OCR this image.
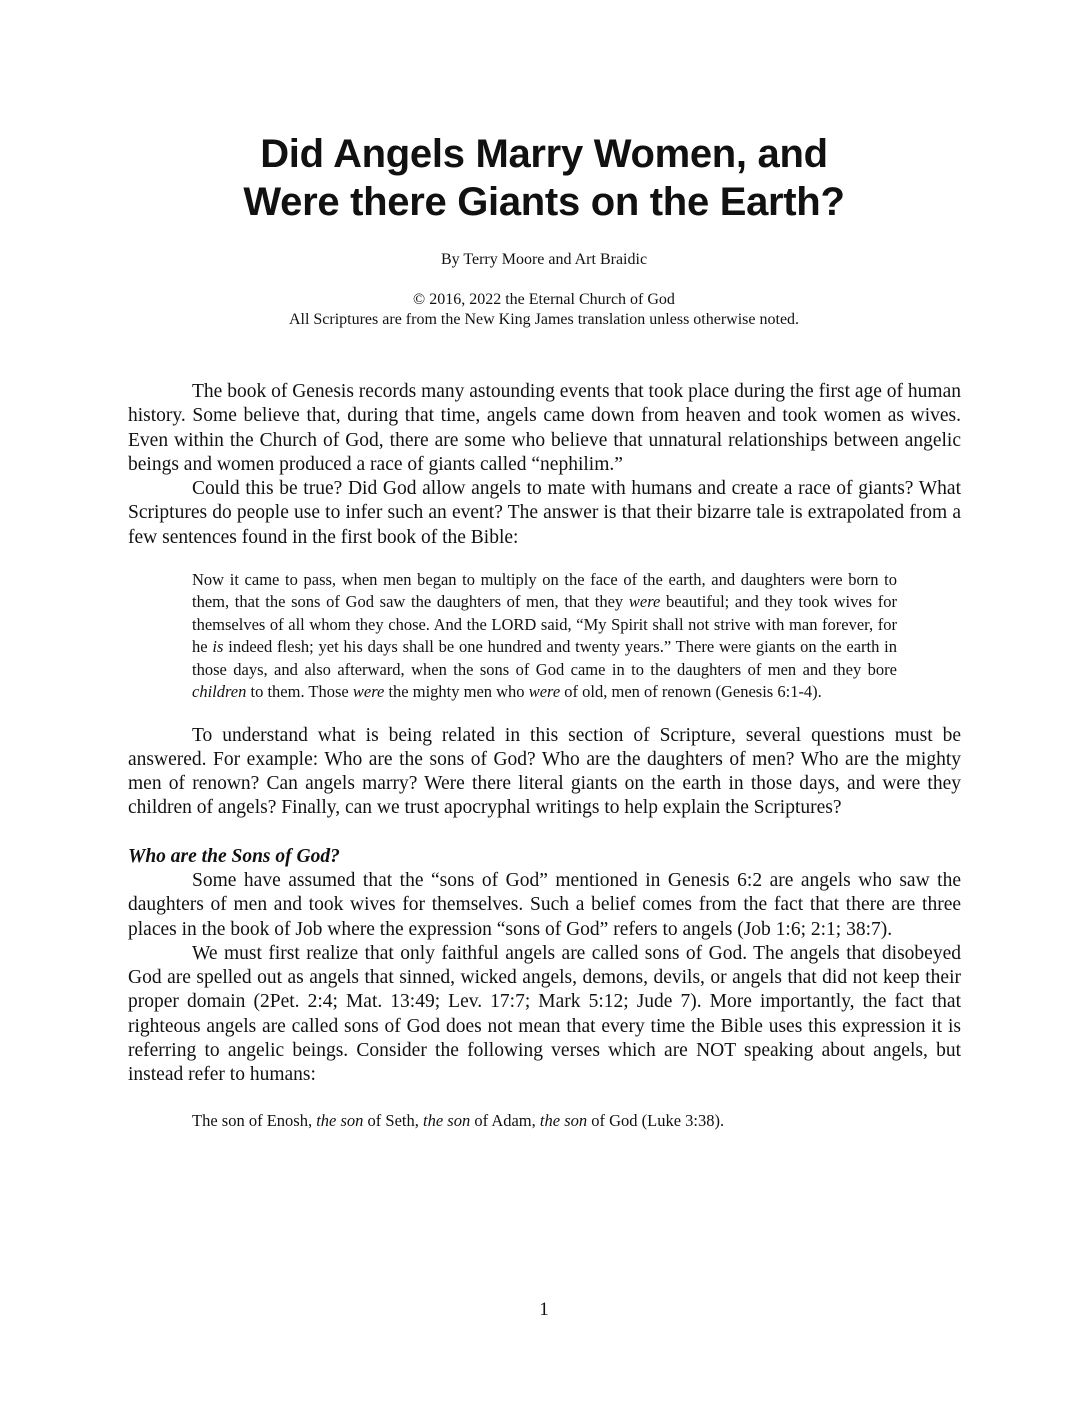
Did Angels Marry Women, and
Were there Giants on the Earth?
By Terry Moore and Art Braidic
© 2016, 2022 the Eternal Church of God
All Scriptures are from the New King James translation unless otherwise noted.

The book of Genesis records many astounding events that took place during the first age of human history. Some believe that, during that time, angels came down from heaven and took women as wives. Even within the Church of God, there are some who believe that unnatural relationships between angelic beings and women produced a race of giants called “nephilim.”

Could this be true? Did God allow angels to mate with humans and create a race of giants? What Scriptures do people use to infer such an event? The answer is that their bizarre tale is extrapolated from a few sentences found in the first book of the Bible:

Now it came to pass, when men began to multiply on the face of the earth, and daughters were born to them, that the sons of God saw the daughters of men, that they were beautiful; and they took wives for themselves of all whom they chose. And the LORD said, “My Spirit shall not strive with man forever, for he is indeed flesh; yet his days shall be one hundred and twenty years.” There were giants on the earth in those days, and also afterward, when the sons of God came in to the daughters of men and they bore children to them. Those were the mighty men who were of old, men of renown (Genesis 6:1-4).

To understand what is being related in this section of Scripture, several questions must be answered. For example: Who are the sons of God? Who are the daughters of men? Who are the mighty men of renown? Can angels marry? Were there literal giants on the earth in those days, and were they children of angels? Finally, can we trust apocryphal writings to help explain the Scriptures?

Who are the Sons of God?

Some have assumed that the “sons of God” mentioned in Genesis 6:2 are angels who saw the daughters of men and took wives for themselves. Such a belief comes from the fact that there are three places in the book of Job where the expression “sons of God” refers to angels (Job 1:6; 2:1; 38:7).

We must first realize that only faithful angels are called sons of God. The angels that disobeyed God are spelled out as angels that sinned, wicked angels, demons, devils, or angels that did not keep their proper domain (2Pet. 2:4; Mat. 13:49; Lev. 17:7; Mark 5:12; Jude 7). More importantly, the fact that righteous angels are called sons of God does not mean that every time the Bible uses this expression it is referring to angelic beings. Consider the following verses which are NOT speaking about angels, but instead refer to humans:

The son of Enosh, the son of Seth, the son of Adam, the son of God (Luke 3:38).

1
